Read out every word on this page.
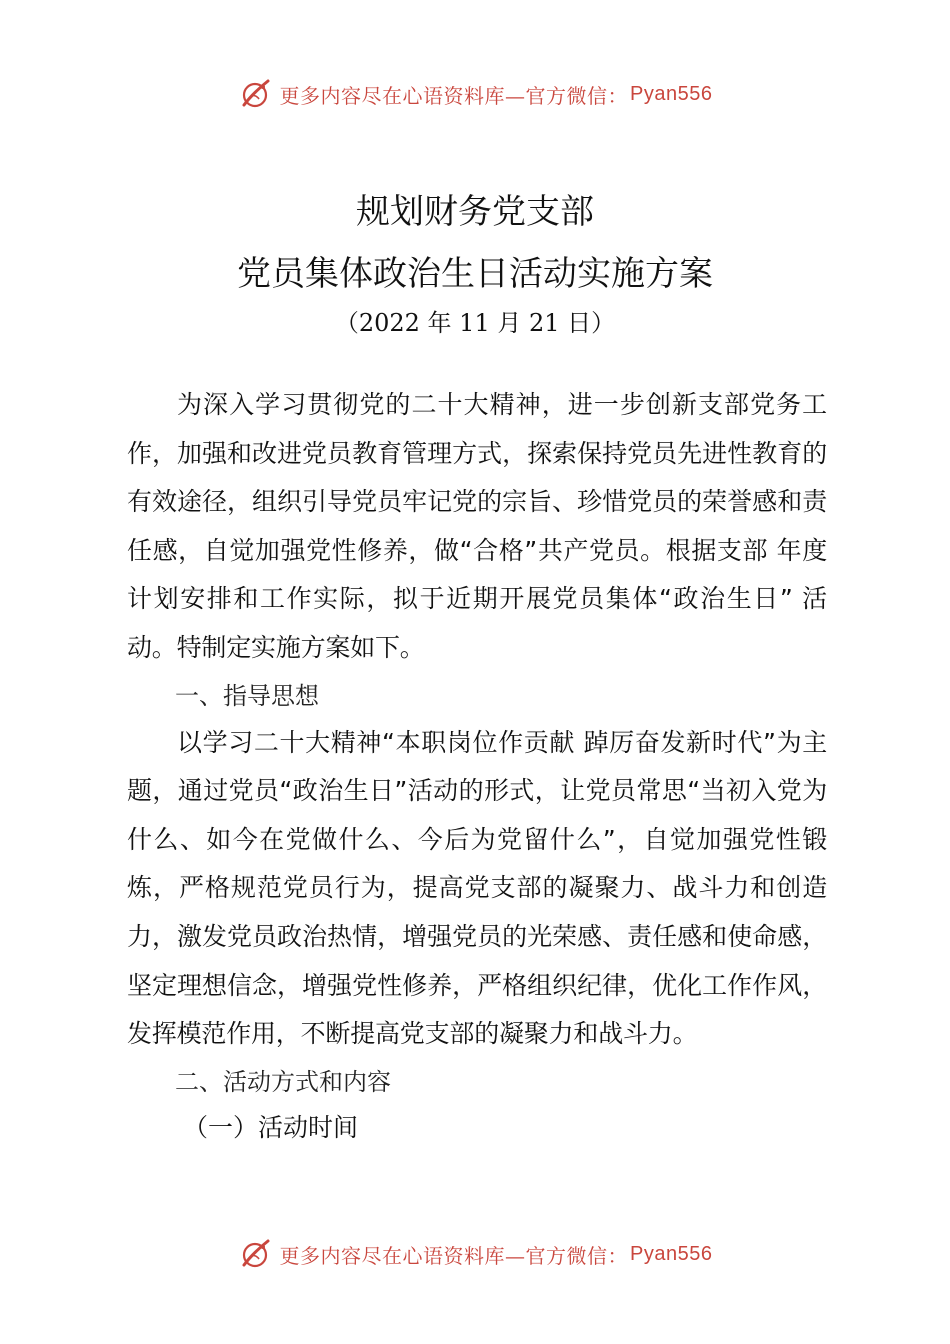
更多内容尽在心语资料库—官方微信： Pyan556
规划财务党支部
党员集体政治生日活动实施方案
（2022 年 11 月 21 日）

为深入学习贯彻党的二十大精神，进一步创新支部党务工作，加强和改进党员教育管理方式，探索保持党员先进性教育的有效途径，组织引导党员牢记党的宗旨、珍惜党员的荣誉感和责任感，自觉加强党性修养，做“合格”共产党员。根据支部 年度计划安排和工作实际，拟于近期开展党员集体“政治生日” 活动。特制定实施方案如下。

一、指导思想

以学习二十大精神“本职岗位作贡献 踔厉奋发新时代”为主题，通过党员“政治生日”活动的形式，让党员常思“当初入党为什么、如今在党做什么、今后为党留什么”，自觉加强党性锻炼，严格规范党员行为，提高党支部的凝聚力、战斗力和创造力，激发党员政治热情，增强党员的光荣感、责任感和使命感， 坚定理想信念，增强党性修养，严格组织纪律，优化工作作风， 发挥模范作用，不断提高党支部的凝聚力和战斗力。

二、活动方式和内容

（一）活动时间

更多内容尽在心语资料库—官方微信： Pyan556
